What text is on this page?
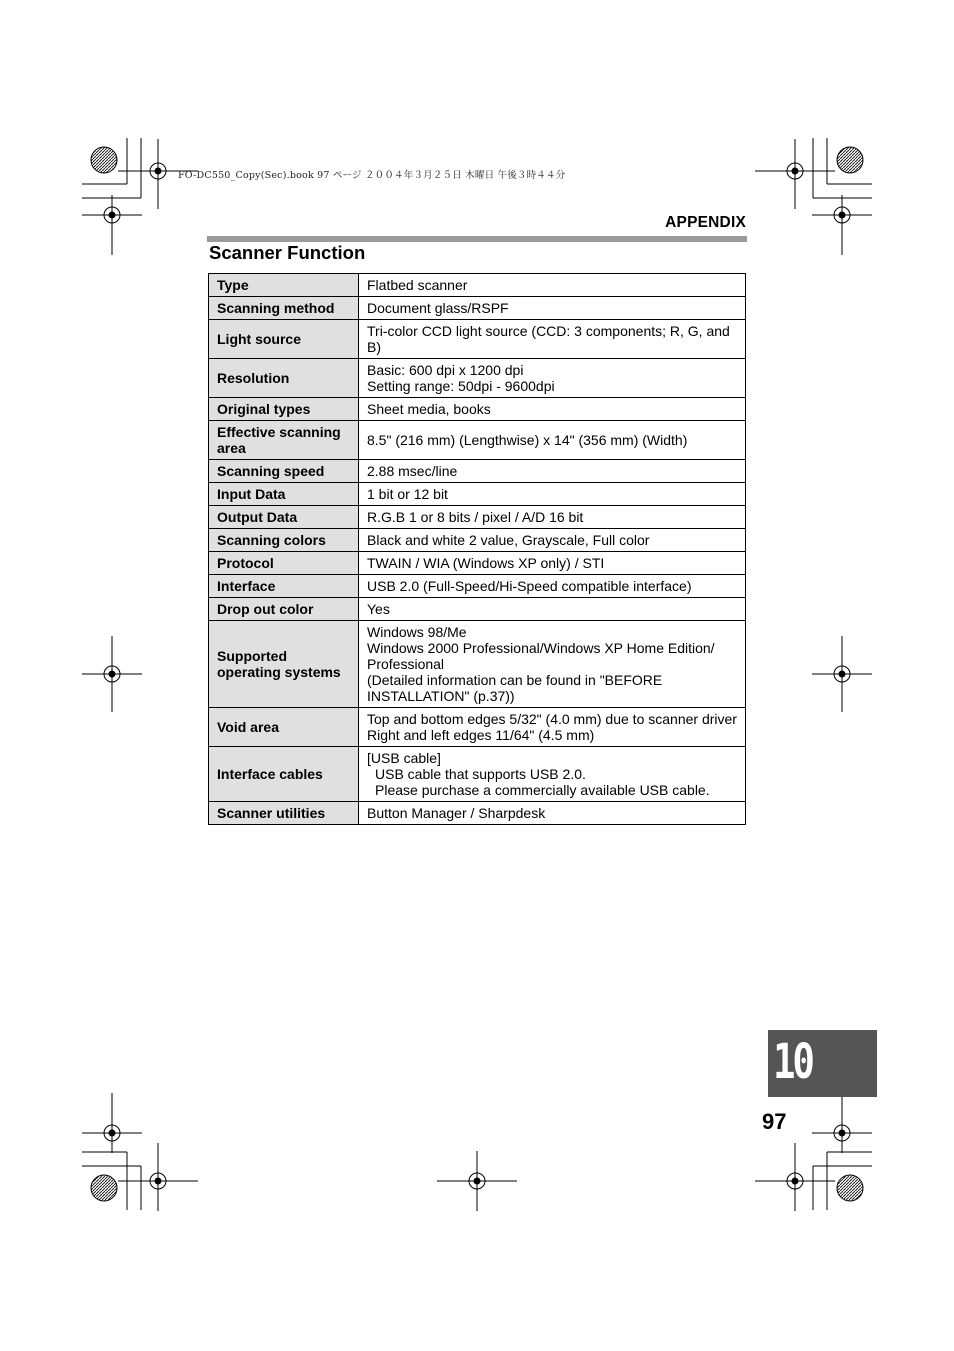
FO-DC550_Copy(Sec).book 97 ページ ２００４年３月２５日 木曜日 午後３時４４分
APPENDIX
Scanner Function
Type	Flatbed scanner

Scanning method	Document glass/RSPF

Light source	Tri-color CCD light source (CCD: 3 components; R, G, and B)

Resolution	Basic: 600 dpi x 1200 dpi
Setting range: 50dpi - 9600dpi

Original types	Sheet media, books

Effective scanning area	8.5" (216 mm) (Lengthwise) x 14" (356 mm) (Width)

Scanning speed	2.88 msec/line

Input Data	1 bit or 12 bit

Output Data	R.G.B 1 or 8 bits / pixel / A/D 16 bit

Scanning colors	Black and white 2 value, Grayscale, Full color

Protocol	TWAIN / WIA (Windows XP only) / STI

Interface	USB 2.0 (Full-Speed/Hi-Speed compatible interface)

Drop out color	Yes

Supported operating systems	Windows 98/Me
Windows 2000 Professional/Windows XP Home Edition/ Professional
(Detailed information can be found in "BEFORE INSTALLATION" (p.37))

Void area	Top and bottom edges 5/32" (4.0 mm) due to scanner driver
Right and left edges 11/64" (4.5 mm)

Interface cables	[USB cable]
USB cable that supports USB 2.0.
Please purchase a commercially available USB cable.

Scanner utilities	Button Manager / Sharpdesk
10
97
